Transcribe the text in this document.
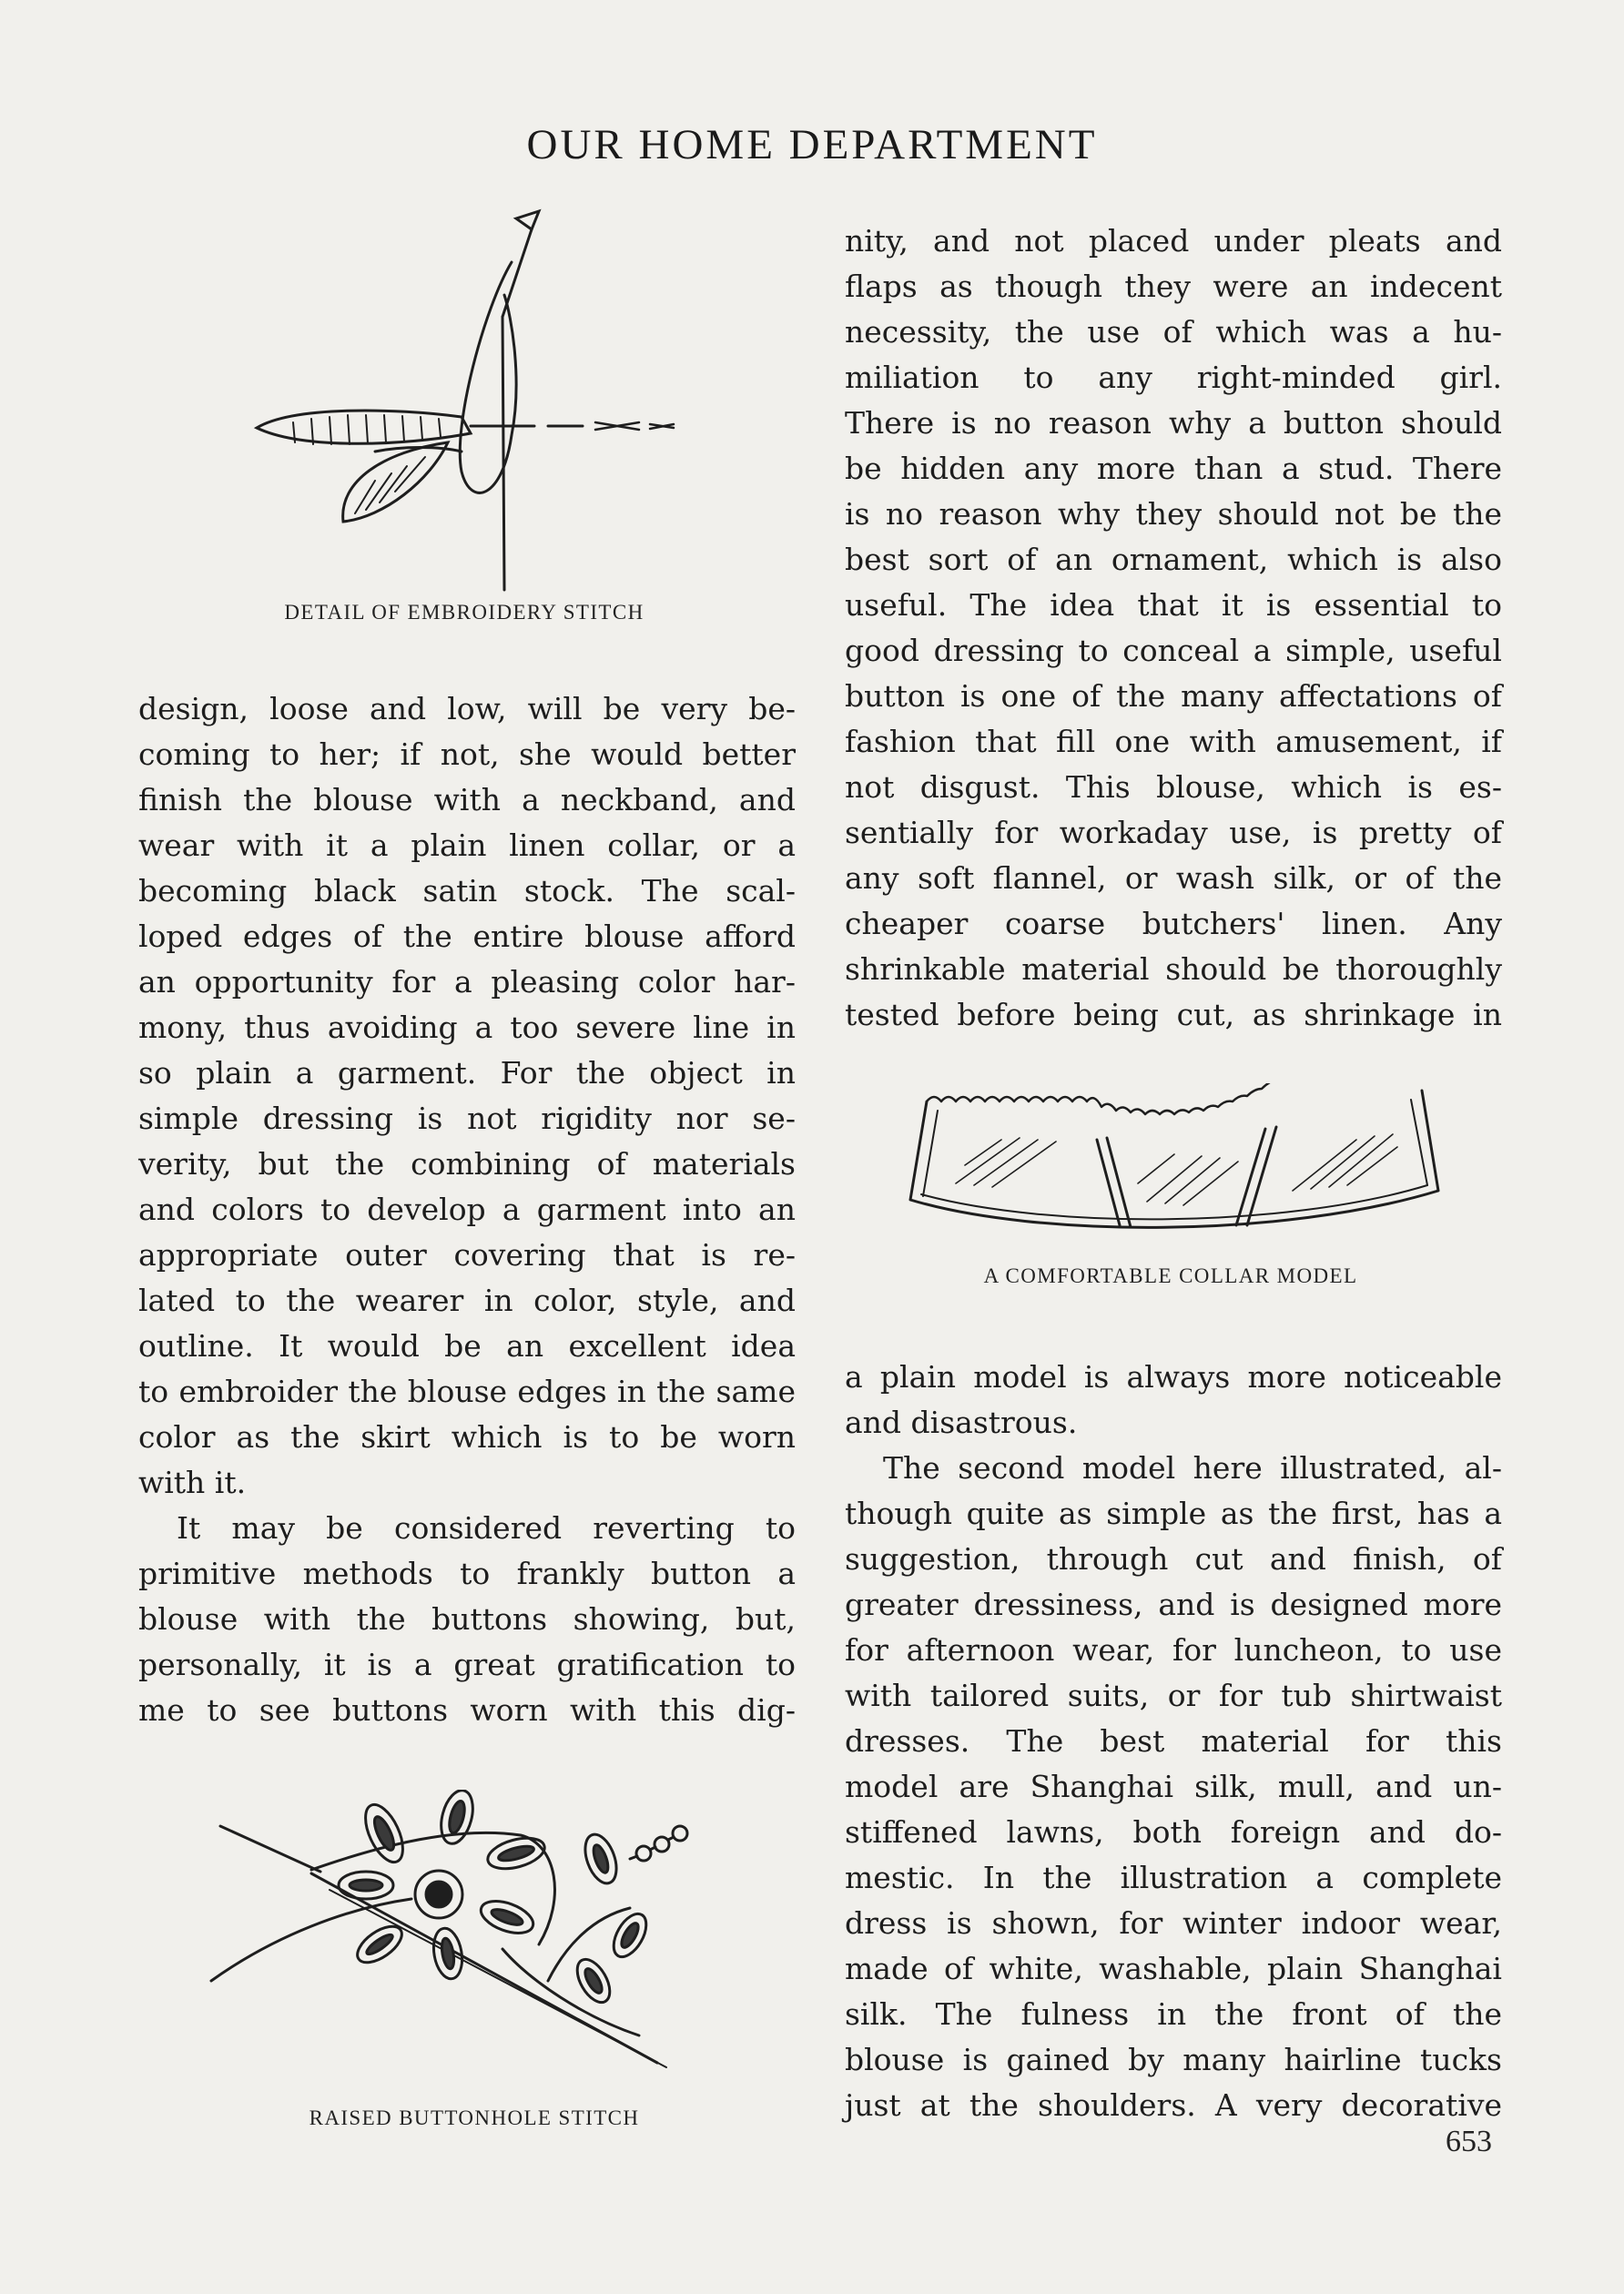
OUR HOME DEPARTMENT
DETAIL OF EMBROIDERY STITCH
design, loose and low, will be very be-
coming to her; if not, she would better
finish the blouse with a neckband, and
wear with it a plain linen collar, or a
becoming black satin stock. The scal-
loped edges of the entire blouse afford
an opportunity for a pleasing color har-
mony, thus avoiding a too severe line in
so plain a garment. For the object in
simple dressing is not rigidity nor se-
verity, but the combining of materials
and colors to develop a garment into an
appropriate outer covering that is re-
lated to the wearer in color, style, and
outline. It would be an excellent idea
to embroider the blouse edges in the same
color as the skirt which is to be worn
with it.
It may be considered reverting to
primitive methods to frankly button a
blouse with the buttons showing, but,
personally, it is a great gratification to
me to see buttons worn with this dig-
RAISED BUTTONHOLE STITCH
nity, and not placed under pleats and
flaps as though they were an indecent
necessity, the use of which was a hu-
miliation to any right-minded girl.
There is no reason why a button should
be hidden any more than a stud. There
is no reason why they should not be the
best sort of an ornament, which is also
useful. The idea that it is essential to
good dressing to conceal a simple, useful
button is one of the many affectations of
fashion that fill one with amusement, if
not disgust. This blouse, which is es-
sentially for workaday use, is pretty of
any soft flannel, or wash silk, or of the
cheaper coarse butchers' linen. Any
shrinkable material should be thoroughly
tested before being cut, as shrinkage in
A COMFORTABLE COLLAR MODEL
a plain model is always more noticeable
and disastrous.
The second model here illustrated, al-
though quite as simple as the first, has a
suggestion, through cut and finish, of
greater dressiness, and is designed more
for afternoon wear, for luncheon, to use
with tailored suits, or for tub shirtwaist
dresses. The best material for this
model are Shanghai silk, mull, and un-
stiffened lawns, both foreign and do-
mestic. In the illustration a complete
dress is shown, for winter indoor wear,
made of white, washable, plain Shanghai
silk. The fulness in the front of the
blouse is gained by many hairline tucks
just at the shoulders. A very decorative
653
